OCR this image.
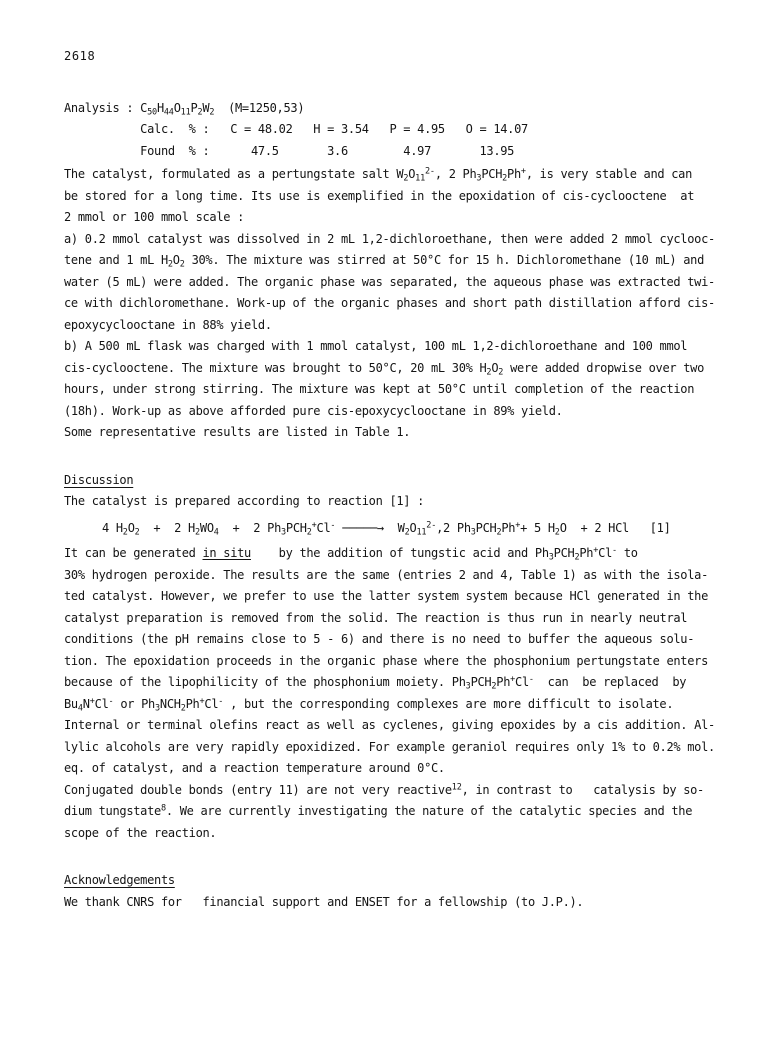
2618
Analysis : $C_{50}H_{44}O_{11}P_2W_2$  (M=1250,53)
Calc.  % :   C = 48.02   H = 3.54   P = 4.95   O = 14.07
Found  % :      47.5       3.6        4.97       13.95
The catalyst, formulated as a pertungstate salt $W_2O_{11}^{2-}$, 2 $Ph_3PCH_2Ph^+$, is very stable and can
be stored for a long time. Its use is exemplified in the epoxidation of cis-cyclooctene  at
2 mmol or 100 mmol scale :
a) 0.2 mmol catalyst was dissolved in 2 mL 1,2-dichloroethane, then were added 2 mmol cyclooc-
tene and 1 mL $H_2O_2$ 30%. The mixture was stirred at 50°C for 15 h. Dichloromethane (10 mL) and
water (5 mL) were added. The organic phase was separated, the aqueous phase was extracted twi-
ce with dichloromethane. Work-up of the organic phases and short path distillation afford cis-
epoxycyclooctane in 88% yield.
b) A 500 mL flask was charged with 1 mmol catalyst, 100 mL 1,2-dichloroethane and 100 mmol
cis-cyclooctene. The mixture was brought to 50°C, 20 mL 30% $H_2O_2$ were added dropwise over two
hours, under strong stirring. The mixture was kept at 50°C until completion of the reaction
(18h). Work-up as above afforded pure cis-epoxycyclooctane in 89% yield.
Some representative results are listed in Table 1.
Discussion
The catalyst is prepared according to reaction [1] :
4 $H_2O_2 + 2$ $H_2WO_4 + 2$ $Ph_3PCH_2^+Cl^-$ ─────→  $W_2O_{11}^{2-},2$ $Ph_3PCH_2Ph^++ 5$ $H_2O + 2$ HCl   [1]
It can be generated in situ    by the addition of tungstic acid and $Ph_3PCH_2Ph^+Cl^-$ to
30% hydrogen peroxide. The results are the same (entries 2 and 4, Table 1) as with the isola-
ted catalyst. However, we prefer to use the latter system system because HCl generated in the
catalyst preparation is removed from the solid. The reaction is thus run in nearly neutral
conditions (the pH remains close to 5 - 6) and there is no need to buffer the aqueous solu-
tion. The epoxidation proceeds in the organic phase where the phosphonium pertungstate enters
because of the lipophilicity of the phosphonium moiety. $Ph_3PCH_2Ph^+Cl^-$  can  be replaced  by
$Bu_4N^+Cl^-$ or $Ph_3NCH_2Ph^+Cl^-$ , but the corresponding complexes are more difficult to isolate.
Internal or terminal olefins react as well as cyclenes, giving epoxides by a cis addition. Al-
lylic alcohols are very rapidly epoxidized. For example geraniol requires only 1% to 0.2% mol.
eq. of catalyst, and a reaction temperature around 0°C.
Conjugated double bonds (entry 11) are not very reactive$^{12}$, in contrast to   catalysis by so-
dium tungstate$^8$. We are currently investigating the nature of the catalytic species and the
scope of the reaction.
Acknowledgements
We thank CNRS for   financial support and ENSET for a fellowship (to J.P.).
